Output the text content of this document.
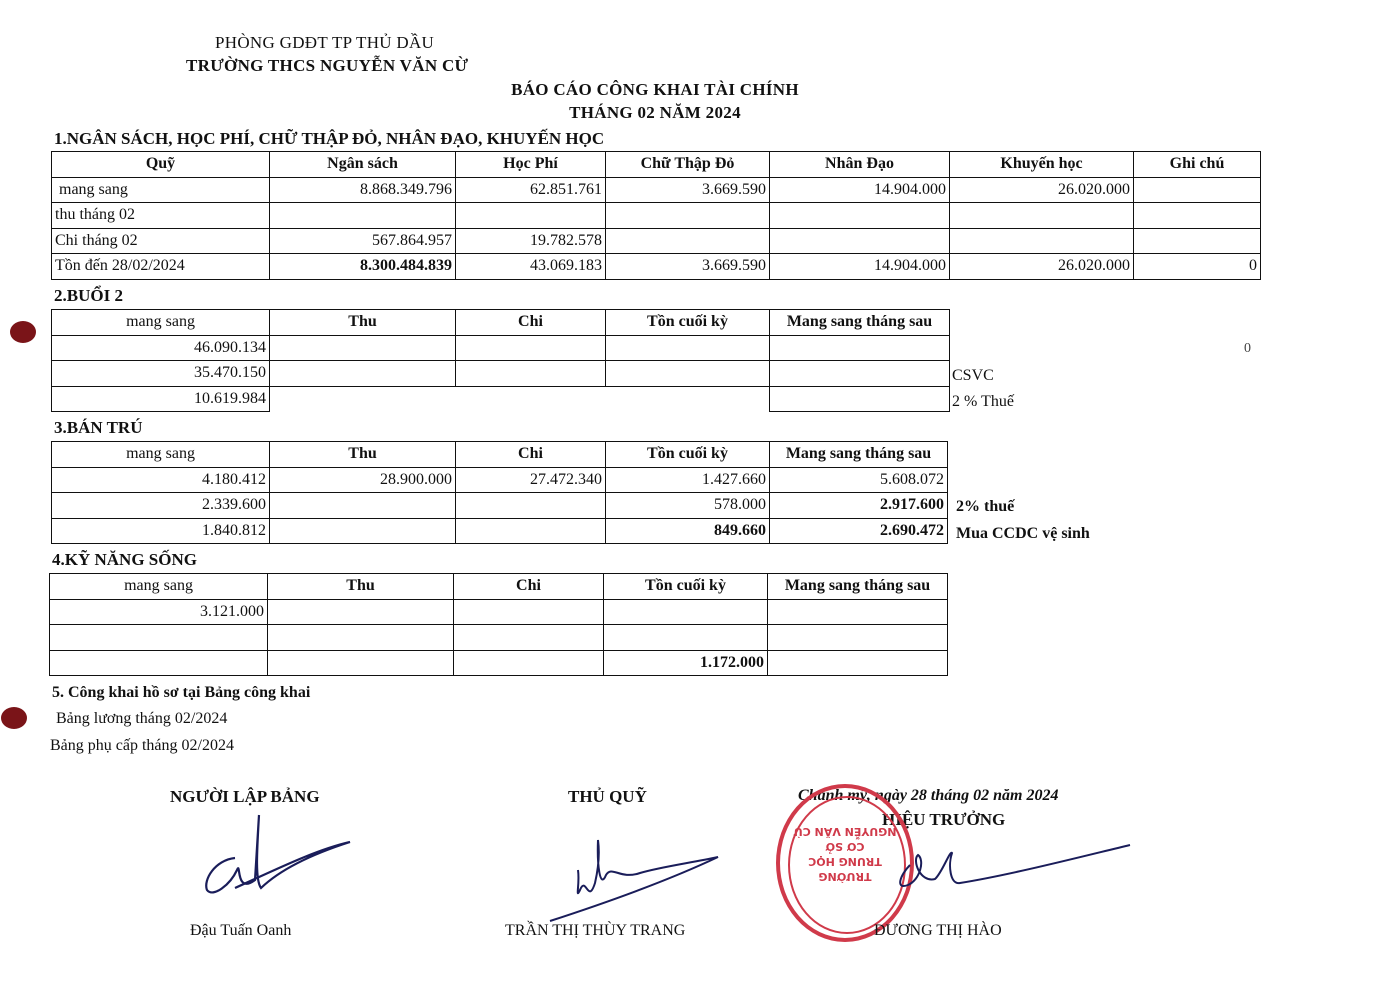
PHÒNG GDĐT TP THỦ DẦU
TRƯỜNG THCS NGUYỄN VĂN CỪ
BÁO CÁO CÔNG KHAI TÀI CHÍNH
THÁNG 02 NĂM 2024
1.NGÂN SÁCH, HỌC PHÍ, CHỮ THẬP ĐỎ, NHÂN ĐẠO, KHUYẾN HỌC
Quỹ	Ngân sách	Học Phí	Chữ Thập Đỏ	Nhân Đạo	Khuyến học	Ghi chú
mang sang	8.868.349.796	62.851.761	3.669.590	14.904.000	26.020.000	
thu tháng 02						
Chi tháng 02	567.864.957	19.782.578				
Tồn đến 28/02/2024	8.300.484.839	43.069.183	3.669.590	14.904.000	26.020.000	0
2.BUỔI 2
mang sang	Thu	Chi	Tồn cuối kỳ	Mang sang tháng sau
46.090.134				
35.470.150				
10.619.984				
0
CSVC
2 % Thuế
3.BÁN TRÚ
mang sang	Thu	Chi	Tồn cuối kỳ	Mang sang tháng sau
4.180.412	28.900.000	27.472.340	1.427.660	5.608.072
2.339.600			578.000	2.917.600
1.840.812			849.660	2.690.472
2% thuế
Mua CCDC vệ sinh
4.KỸ NĂNG SỐNG
mang sang	Thu	Chi	Tồn cuối kỳ	Mang sang tháng sau
3.121.000				

			1.172.000	
5. Công khai hồ sơ tại Bảng công khai
Bảng lương tháng 02/2024
Bảng phụ cấp tháng 02/2024
NGƯỜI LẬP BẢNG
Đậu Tuấn Oanh
THỦ QUỸ
TRẦN THỊ THÙY TRANG
Chánh mỹ, ngày 28 tháng 02 năm 2024
HIỆU TRƯỞNG
TRƯỜNG
TRUNG HỌC
CƠ SỞ
NGUYỄN VĂN CỪ
ĐƯƠNG THỊ HÀO
